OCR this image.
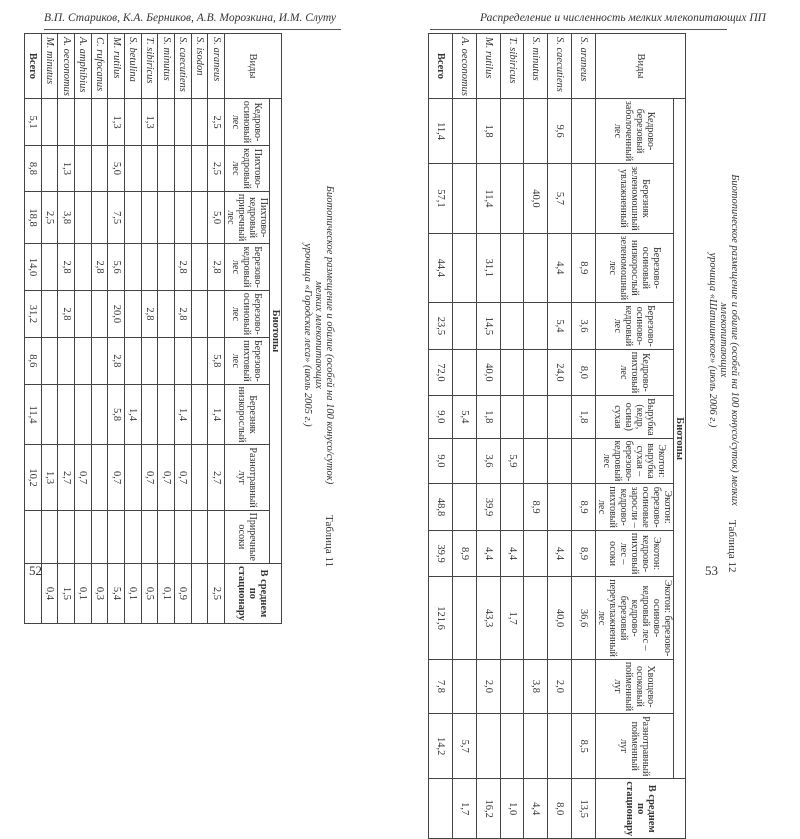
В.П. Стариков, К.А. Берников, А.В. Морозкина, И.М. Слуту
Виды	Биотопы									В среднем по стационару
	Кедрово-осиновый лес	Пихтово-кедровый лес	Пихтово-кедровый приречный лес	Березово-кедровый лес	Березово-осиновый лес	Березово-пихтовый лес	Березняк низкорослый	Разнотравный луг	Приречные осоки	
S. araneus	2,5	2,5	5,0	2,8		5,8	1,4	2,7		2,5
S. isodon										
S. caecutiens				2,8	2,8		1,4	0,7		0,9
S. minutus								0,7		0,1
T. sibiricus	1,3				2,8			0,7		0,5
S. betulina							1,4			0,1
M. rutilus	1,3	5,0	7,5	5,6	20,0	2,8	5,8	0,7		5,4
C. rufocanus				2,8						0,3
A. amphibius								0,7		0,1
A. oeconomus		1,3	3,8	2,8	2,8			2,7		1,5
M. minutus			2,5					1,3		0,4
Всего	5,1	8,8	18,8	14,0	31,2	8,6	11,4	10,2			Биотопическое размещение и обилие (особей на 100 конусо/суток) мелких млекопитающих
урочища «Городские леса» (июль 2005 г.)
Таблица 11
52
Распределение и численность мелких млекопитающих ПП
Виды	Биотопы												В среднем по стационару
	Кедрово-березовый заболоченный лес	Березняк зеленомошный увлажненный	Березово-осиновый низкорослый зеленомошный лес	Березово-осиново-кедровый лес	Кедрово-пихтовый лес	Вырубка (кедр, осина) сухая	Экотон: вырубка сухая – березово-кедровый лес	Экотон: березово-осиновые заросли – кедрово-пихтовый лес	Экотон: кедрово-пихтовый лес – осоки	Экотон: березово-осиново-кедровый лес – кедрово-березовый переувлажненный лес	Хвощево-осоковый пойменный луг	Разнотравный пойменный луг	
S. araneus			8,9	3,6	8,0	1,8		8,9	8,9	36,6		8,5	13,5
S. caecutiens	9,6	5,7	4,4	5,4	24,0				4,4	40,0	2,0		8,0
S. minutus		40,0						8,9			3,8		4,4
T. sibiricus							5,9		4,4	1,7			1,0
M. rutilus	1,8	11,4	31,1	14,5	40,0	1,8	3,6	39,9	4,4	43,3	2,0		16,2
A. oeconomus						5,4			8,9			5,7	1,7
Всего	11,4	57,1	44,4	23,5	72,0	9,0	9,0	48,8	39,9	121,6	7,8	14,2	
Биотопическое размещение и обилие (особей на 100 конусо/суток) мелких млекопитающих
урочища «Шапшинское» (июль 2006 г.)
Таблица 12
53
